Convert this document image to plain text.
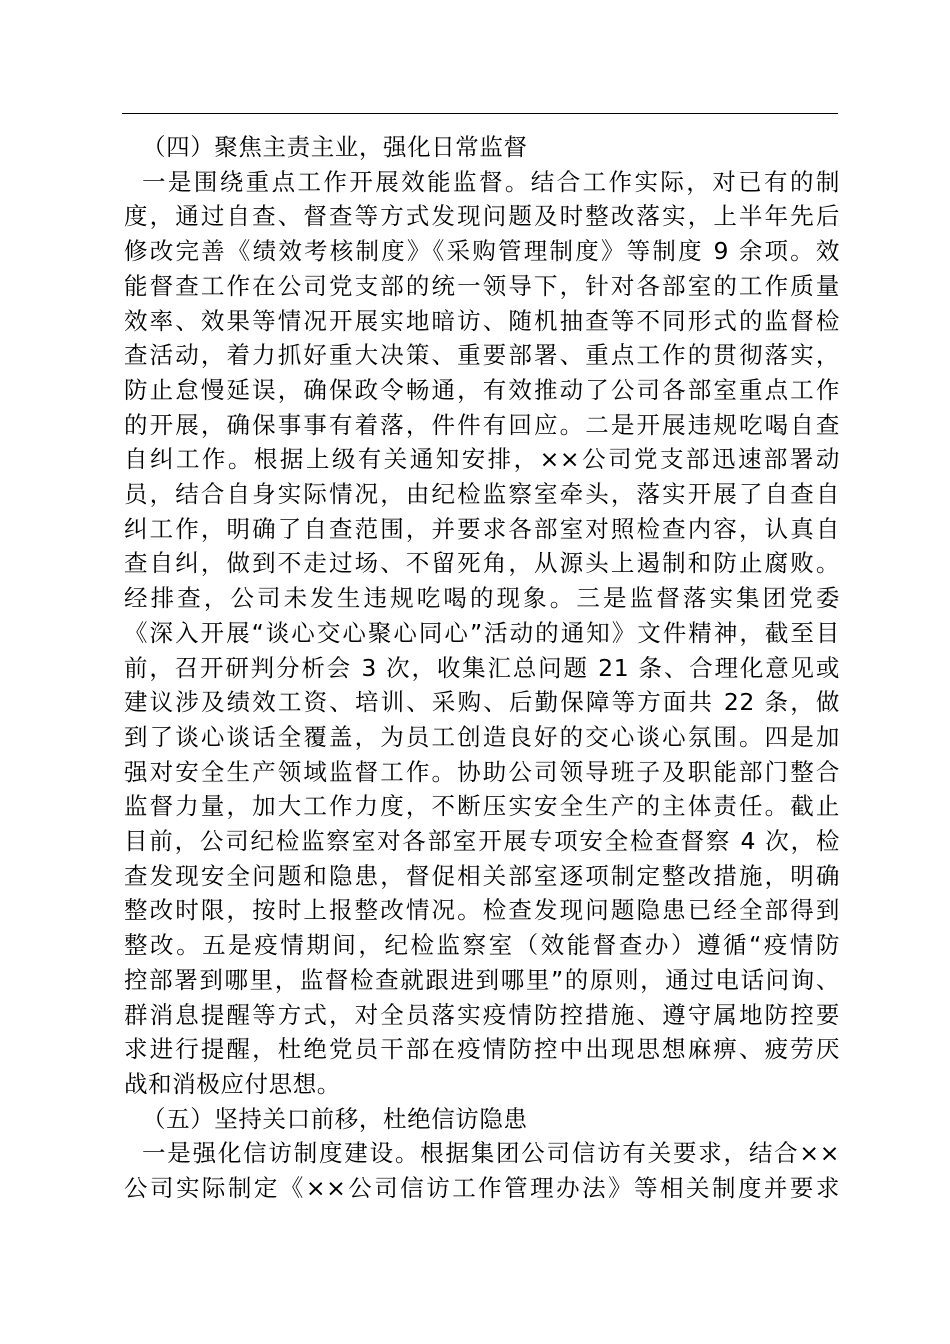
（四）聚焦主责主业，强化日常监督

一是围绕重点工作开展效能监督。结合工作实际，对已有的制
度，通过自查、督查等方式发现问题及时整改落实，上半年先后
修改完善《绩效考核制度》《采购管理制度》等制度 9 余项。效
能督查工作在公司党支部的统一领导下，针对各部室的工作质量
效率、效果等情况开展实地暗访、随机抽查等不同形式的监督检
查活动，着力抓好重大决策、重要部署、重点工作的贯彻落实，
防止怠慢延误，确保政令畅通，有效推动了公司各部室重点工作
的开展，确保事事有着落，件件有回应。二是开展违规吃喝自查
自纠工作。根据上级有关通知安排，××公司党支部迅速部署动
员，结合自身实际情况，由纪检监察室牵头，落实开展了自查自
纠工作，明确了自查范围，并要求各部室对照检查内容，认真自
查自纠，做到不走过场、不留死角，从源头上遏制和防止腐败。
经排查，公司未发生违规吃喝的现象。三是监督落实集团党委
《深入开展“谈心交心聚心同心”活动的通知》文件精神，截至目
前，召开研判分析会 3 次，收集汇总问题 21 条、合理化意见或
建议涉及绩效工资、培训、采购、后勤保障等方面共 22 条，做
到了谈心谈话全覆盖，为员工创造良好的交心谈心氛围。四是加
强对安全生产领域监督工作。协助公司领导班子及职能部门整合
监督力量，加大工作力度，不断压实安全生产的主体责任。截止
目前，公司纪检监察室对各部室开展专项安全检查督察 4 次，检
查发现安全问题和隐患，督促相关部室逐项制定整改措施，明确
整改时限，按时上报整改情况。检查发现问题隐患已经全部得到
整改。五是疫情期间，纪检监察室（效能督查办）遵循“疫情防
控部署到哪里，监督检查就跟进到哪里”的原则，通过电话问询、
群消息提醒等方式，对全员落实疫情防控措施、遵守属地防控要
求进行提醒，杜绝党员干部在疫情防控中出现思想麻痹、疲劳厌
战和消极应付思想。

（五）坚持关口前移，杜绝信访隐患

一是强化信访制度建设。根据集团公司信访有关要求，结合××
公司实际制定《××公司信访工作管理办法》等相关制度并要求
